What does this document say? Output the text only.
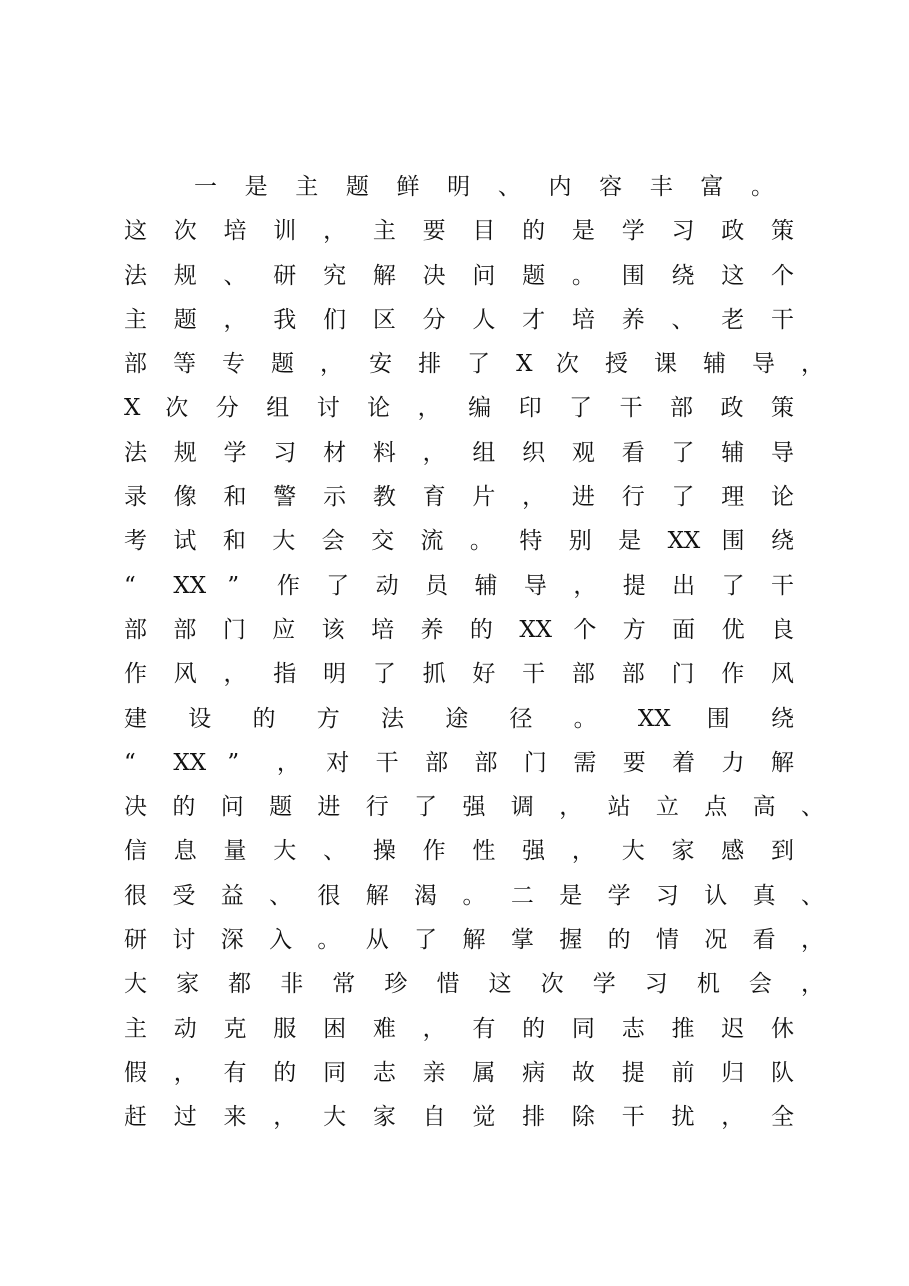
一 是 主 题 鲜 明 、 内 容 丰 富 。
这 次 培 训 ， 主 要 目 的 是 学 习 政 策
法 规 、 研 究 解 决 问 题 。 围 绕 这 个
主 题 ， 我 们 区 分 人 才 培 养 、 老 干
部 等 专 题 ， 安 排 了 X 次 授 课 辅 导 ，
X 次 分 组 讨 论 ， 编 印 了 干 部 政 策
法 规 学 习 材 料 ， 组 织 观 看 了 辅 导
录 像 和 警 示 教 育 片 ， 进 行 了 理 论
考 试 和 大 会 交 流 。 特 别 是 XX 围 绕
“ XX ” 作 了 动 员 辅 导 ， 提 出 了 干
部 部 门 应 该 培 养 的 XX 个 方 面 优 良
作 风 ， 指 明 了 抓 好 干 部 部 门 作 风
建 设 的 方 法 途 径 。 XX 围 绕
“ XX ” ， 对 干 部 部 门 需 要 着 力 解
决 的 问 题 进 行 了 强 调 ， 站 立 点 高 、
信 息 量 大 、 操 作 性 强 ， 大 家 感 到
很 受 益 、 很 解 渴 。 二 是 学 习 认 真 、
研 讨 深 入 。 从 了 解 掌 握 的 情 况 看 ，
大 家 都 非 常 珍 惜 这 次 学 习 机 会 ，
主 动 克 服 困 难 ， 有 的 同 志 推 迟 休
假 ， 有 的 同 志 亲 属 病 故 提 前 归 队
赶 过 来 ， 大 家 自 觉 排 除 干 扰 ， 全
